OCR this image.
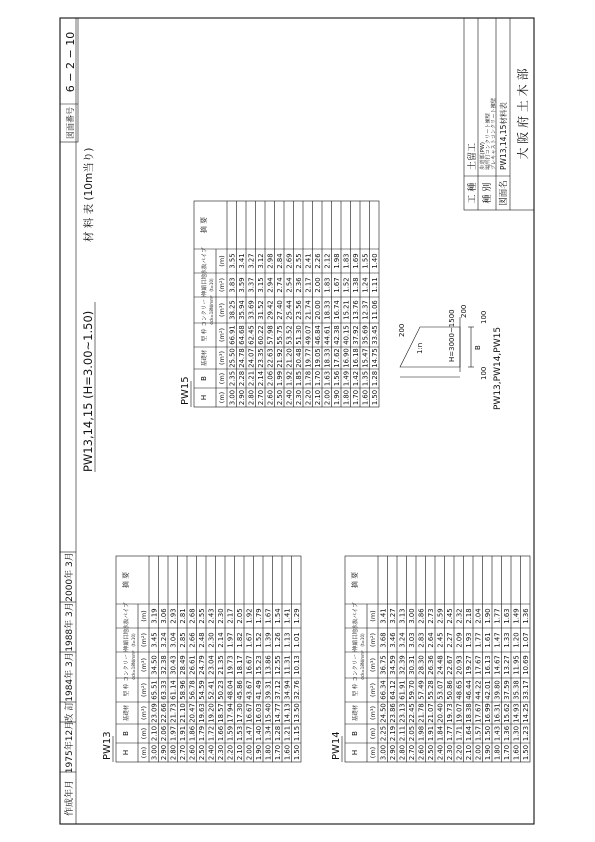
作成年月
1975年12月
改 訂
1984年 3月
1988年 3月
2000年 3月
PW13,14,15 (H=3.00~1.50)
材 料 表 (10m当り)
図面番号
6 − 2 − 10
工 種
土留工
種 別
歩道部(PW) 場所打コンクリート擁壁 プレキャストコンクリート擁壁
図面名
PW13,14,15材料表 大 阪 府 土 木 部
200
1:n	H=3000~1500	B
100
100
200
PW13,PW14,PW15
PW13 H (m)
B (m)
基礎材 (m³)
型 枠 (m²)
コンクリート σck=18N/mm² (m³)
伸縮目地 (t=10) (m²)
水抜パイプ (m)
摘 要
3.00
2.10
23.09
65.51
34.50
3.45
3.19
2.90
2.06
22.66
63.33
32.38
3.24
3.06
2.80
1.97
21.73
61.14
30.43
3.04
2.93
2.70
1.91
21.10
58.96
28.49
2.85
2.81
2.60
1.86
20.47
56.78
26.61
2.66
2.68
2.50
1.79
19.63
54.59
24.79
2.48
2.55
2.40
1.72
19.20
52.41
23.04
2.30
2.43
2.30
1.66
18.57
50.23
21.35
2.14
2.30
2.20
1.59
17.94
48.04
19.73
1.97
2.17
2.10
1.53
17.30
45.86
18.17
1.82
2.05
2.00
1.47
16.67
43.67
16.67
1.67
1.92
1.90
1.40
16.03
41.49
15.23
1.52
1.79
1.80
1.34
15.40
39.31
13.86
1.39
1.67
1.70
1.28
14.77
37.12
12.55
1.26
1.54
1.60
1.21
14.13
34.94
11.31
1.13
1.41
1.50
1.15
13.50
32.76
10.13
1.01
1.29
PW14 H (m)
B (m)
基礎材 (m³)
型 枠 (m²)
コンクリート σck=18N/mm² (m³)
伸縮目地 (t=10) (m²)
水抜パイプ (m)
摘 要
3.00
2.25
24.50
66.34
36.75
3.68
3.41
2.90
2.19
23.86
64.12
34.59
3.46
3.27
2.80
2.11
23.13
61.91
32.39
3.24
3.13
2.70
2.05
22.45
59.70
30.31
3.03
3.00
2.60
1.98
21.78
57.49
28.30
2.83
2.86
2.50
1.91
21.07
55.28
26.36
2.64
2.73
2.40
1.84
20.40
53.07
24.48
2.45
2.59
2.30
1.77
19.73
50.86
22.67
2.27
2.45
2.20
1.71
19.07
48.65
20.93
2.09
2.32
2.10
1.64
18.38
46.44
19.27
1.93
2.18
2.00
1.57
17.67
44.22
17.67
1.77
2.04
1.90
1.50
16.99
42.01
16.13
1.61
1.90
1.80
1.43
16.31
39.80
14.67
1.47
1.77
1.70
1.36
15.62
37.59
13.27
1.33
1.63
1.60
1.30
14.93
35.38
11.95
1.20
1.49
1.50
1.23
14.25
33.17
10.69
1.07
1.36
PW15 H (m)
B (m)
基礎材 (m³)
型 枠 (m²)
コンクリート σck=18N/mm² (m³)
伸縮目地 (t=10) (m²)
水抜パイプ (m)
摘 要
3.00
2.35
25.50
66.91
38.25
3.83
3.55
2.90
2.28
24.78
64.68
35.94
3.59
3.41
2.80
2.21
24.07
62.45
33.69
3.37
3.27
2.70
2.14
23.35
60.22
31.52
3.15
3.12
2.60
2.06
22.63
57.98
29.42
2.94
2.98
2.50
1.99
21.92
55.75
27.40
2.74
2.84
2.40
1.92
21.20
53.52
25.44
2.54
2.69
2.30
1.85
20.48
51.30
23.56
2.36
2.55
2.20
1.78
19.77
49.07
21.74
2.17
2.41
2.10
1.70
19.05
46.84
20.00
2.00
2.26
2.00
1.63
18.33
44.61
18.33
1.83
2.12
1.90
1.56
17.62
42.38
16.74
1.67
1.98
1.80
1.49
16.90
40.15
15.21
1.52
1.83
1.70
1.42
16.18
37.92
13.76
1.38
1.69
1.60
1.35
15.47
35.69
12.37
1.24
1.55
1.50
1.28
14.75
33.45
11.06
1.11
1.40
